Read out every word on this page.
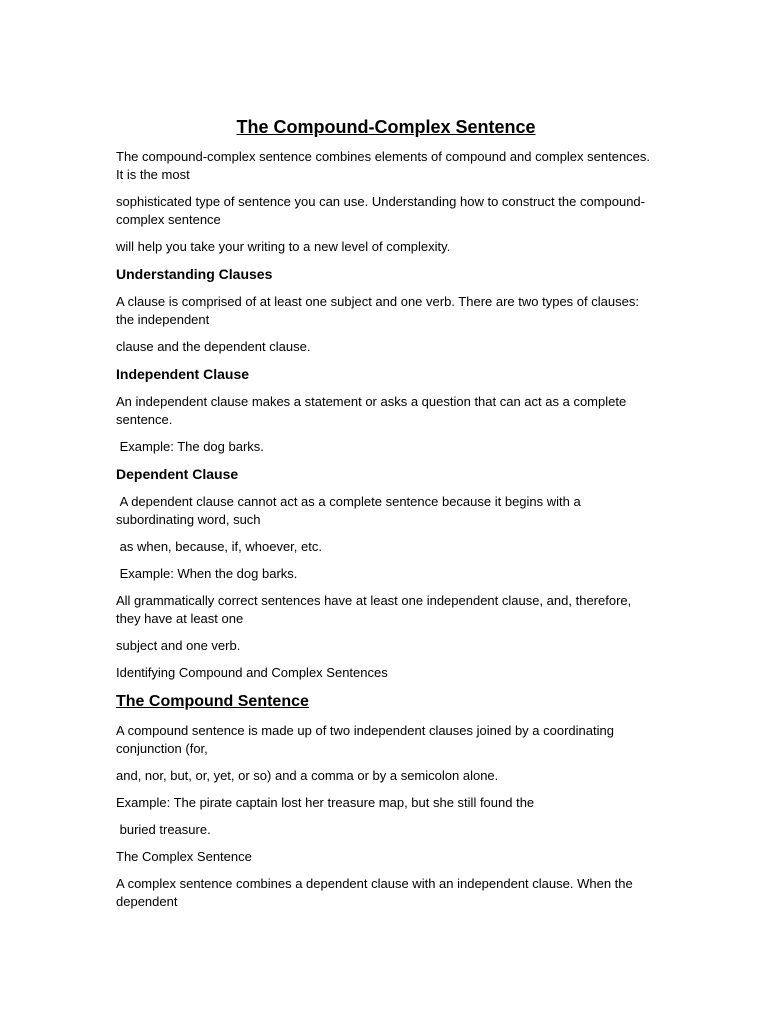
The Compound-Complex Sentence

The compound-complex sentence combines elements of compound and complex sentences. It is the most

sophisticated type of sentence you can use. Understanding how to construct the compound-complex sentence

will help you take your writing to a new level of complexity.

Understanding Clauses

A clause is comprised of at least one subject and one verb. There are two types of clauses: the independent

clause and the dependent clause.

Independent Clause

An independent clause makes a statement or asks a question that can act as a complete sentence.

Example: The dog barks.

Dependent Clause

A dependent clause cannot act as a complete sentence because it begins with a subordinating word, such

as when, because, if, whoever, etc.

Example: When the dog barks.

All grammatically correct sentences have at least one independent clause, and, therefore, they have at least one

subject and one verb.

Identifying Compound and Complex Sentences

The Compound Sentence

A compound sentence is made up of two independent clauses joined by a coordinating conjunction (for,

and, nor, but, or, yet, or so) and a comma or by a semicolon alone.

Example: The pirate captain lost her treasure map, but she still found the

buried treasure.

The Complex Sentence

A complex sentence combines a dependent clause with an independent clause. When the dependent
